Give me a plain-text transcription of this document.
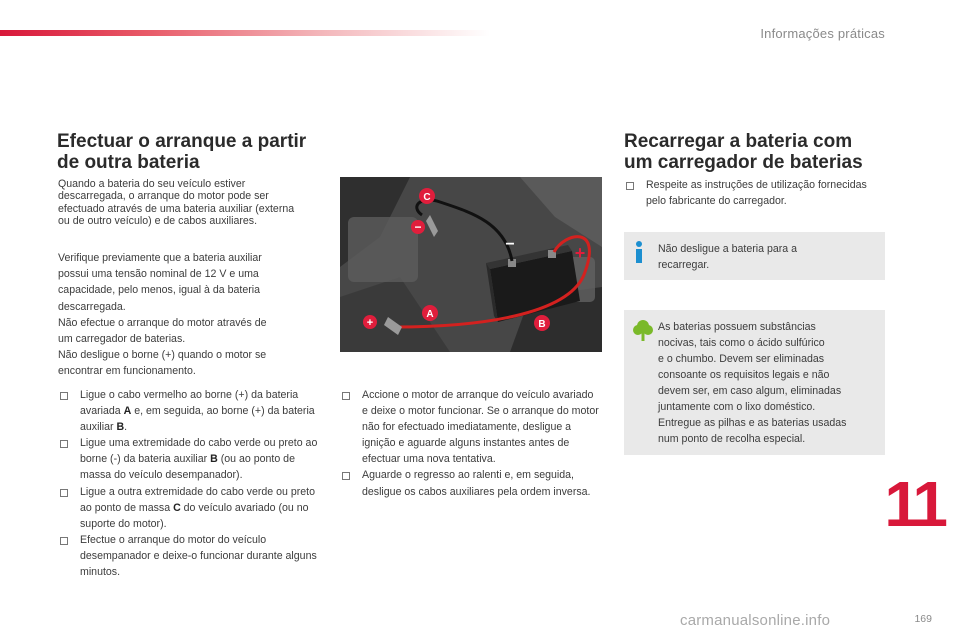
Informações práticas
Efectuar o arranque a partir
de outra bateria

Quando a bateria do seu veículo estiver descarregada, o arranque do motor pode ser efectuado através de uma bateria auxiliar (externa ou de outro veículo) e de cabos auxiliares.

Verifique previamente que a bateria auxiliar
possui uma tensão nominal de 12 V e uma
capacidade, pelo menos, igual à da bateria
descarregada.
Não efectue o arranque do motor através de
um carregador de baterias.
Não desligue o borne (+) quando o motor se
encontrar em funcionamento.

Ligue o cabo vermelho ao borne (+) da bateria avariada A e, em seguida, ao borne (+) da bateria auxiliar B.
Ligue uma extremidade do cabo verde ou preto ao borne (-) da bateria auxiliar B (ou ao ponto de massa do veículo desempanador).
Ligue a outra extremidade do cabo verde ou preto ao ponto de massa C do veículo avariado (ou no suporte do motor).
Efectue o arranque do motor do veículo desempanador e deixe-o funcionar durante alguns minutos.
C
−
+
A
B
−	+
Accione o motor de arranque do veículo avariado e deixe o motor funcionar. Se o arranque do motor não for efectuado imediatamente, desligue a ignição e aguarde alguns instantes antes de efectuar uma nova tentativa.
Aguarde o regresso ao ralenti e, em seguida, desligue os cabos auxiliares pela ordem inversa.
Recarregar a bateria com
um carregador de baterias
Respeite as instruções de utilização fornecidas pelo fabricante do carregador.
Não desligue a bateria para a
recarregar.
As baterias possuem substâncias
nocivas, tais como o ácido sulfúrico
e o chumbo. Devem ser eliminadas
consoante os requisitos legais e não
devem ser, em caso algum, eliminadas
juntamente com o lixo doméstico.
Entregue as pilhas e as baterias usadas
num ponto de recolha especial.
11
169
carmanualsonline.info
